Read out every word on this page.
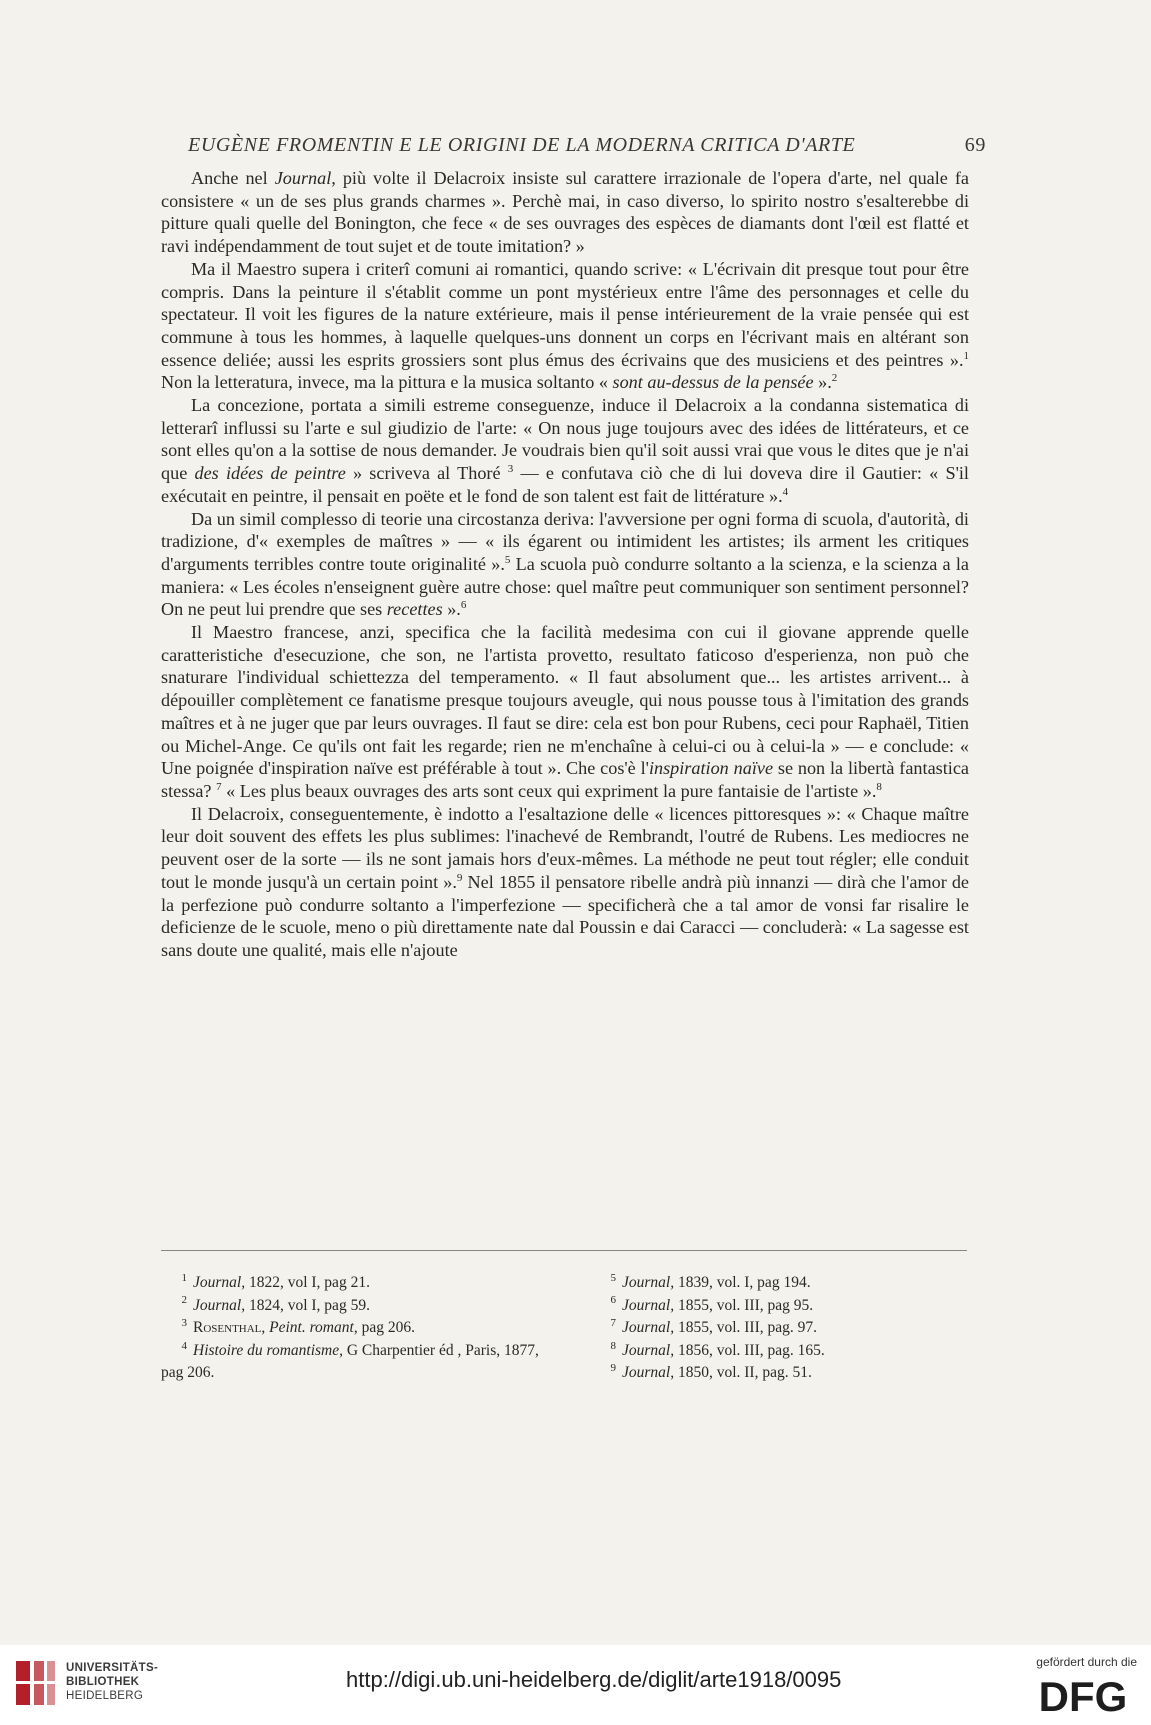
EUGÈNE FROMENTIN E LE ORIGINI DE LA MODERNA CRITICA D'ARTE	69

Anche nel Journal, più volte il Delacroix insiste sul carattere irrazionale de l'opera d'arte, nel quale fa consistere « un de ses plus grands charmes ». Perchè mai, in caso diverso, lo spirito nostro s'esalterebbe di pitture quali quelle del Bonington, che fece « de ses ouvrages des espèces de diamants dont l'œil est flatté et ravi indépendamment de tout sujet et de toute imitation? »

Ma il Maestro supera i criterî comuni ai romantici, quando scrive: « L'écrivain dit presque tout pour être compris. Dans la peinture il s'établit comme un pont mystérieux entre l'âme des personnages et celle du spectateur. Il voit les figures de la nature extérieure, mais il pense intérieurement de la vraie pensée qui est commune à tous les hommes, à laquelle quelques-uns donnent un corps en l'écrivant mais en altérant son essence deliée; aussi les esprits grossiers sont plus émus des écrivains que des musiciens et des peintres ».$^1$ Non la letteratura, invece, ma la pittura e la musica soltanto « sont au-dessus de la pensée ».$^2$

La concezione, portata a simili estreme conseguenze, induce il Delacroix a la condanna sistematica di letterarî influssi su l'arte e sul giudizio de l'arte: « On nous juge toujours avec des idées de littérateurs, et ce sont elles qu'on a la sottise de nous demander. Je voudrais bien qu'il soit aussi vrai que vous le dites que je n'ai que des idées de peintre » scriveva al Thoré $^3$ — e confutava ciò che di lui doveva dire il Gautier: « S'il exécutait en peintre, il pensait en poëte et le fond de son talent est fait de littérature ».$^4$

Da un simil complesso di teorie una circostanza deriva: l'avversione per ogni forma di scuola, d'autorità, di tradizione, d'« exemples de maîtres » — « ils égarent ou intimident les artistes; ils arment les critiques d'arguments terribles contre toute originalité ».$^5$ La scuola può condurre soltanto a la scienza, e la scienza a la maniera: « Les écoles n'enseignent guère autre chose: quel maître peut communiquer son sentiment personnel? On ne peut lui prendre que ses recettes ».$^6$

Il Maestro francese, anzi, specifica che la facilità medesima con cui il giovane apprende quelle caratteristiche d'esecuzione, che son, ne l'artista provetto, resultato faticoso d'esperienza, non può che snaturare l'individual schiettezza del temperamento. « Il faut absolument que... les artistes arrivent... à dépouiller complètement ce fanatisme presque toujours aveugle, qui nous pousse tous à l'imitation des grands maîtres et à ne juger que par leurs ouvrages. Il faut se dire: cela est bon pour Rubens, ceci pour Raphaël, Titien ou Michel-Ange. Ce qu'ils ont fait les regarde; rien ne m'enchaîne à celui-ci ou à celui-la » — e conclude: « Une poignée d'inspiration naïve est préférable à tout ». Che cos'è l'inspiration naïve se non la libertà fantastica stessa? $^7$ « Les plus beaux ouvrages des arts sont ceux qui expriment la pure fantaisie de l'artiste ».$^8$

Il Delacroix, conseguentemente, è indotto a l'esaltazione delle « licences pittoresques »: « Chaque maître leur doit souvent des effets les plus sublimes: l'inachevé de Rembrandt, l'outré de Rubens. Les mediocres ne peuvent oser de la sorte — ils ne sont jamais hors d'eux-mêmes. La méthode ne peut tout régler; elle conduit tout le monde jusqu'à un certain point ».$^9$ Nel 1855 il pensatore ribelle andrà più innanzi — dirà che l'amor de la perfezione può condurre soltanto a l'imperfezione — specificherà che a tal amor de vonsi far risalire le deficienze de le scuole, meno o più direttamente nate dal Poussin e dai Caracci — concluderà: « La sagesse est sans doute une qualité, mais elle n'ajoute

1 Journal, 1822, vol I, pag 21.
2 Journal, 1824, vol I, pag 59.
3 Rosenthal, Peint. romant, pag 206.
4 Histoire du romantisme, G Charpentier éd , Paris, 1877, pag 206.
5 Journal, 1839, vol. I, pag 194.
6 Journal, 1855, vol. III, pag 95.
7 Journal, 1855, vol. III, pag. 97.
8 Journal, 1856, vol. III, pag. 165.
9 Journal, 1850, vol. II, pag. 51.
UNIVERSITÄTS-
BIBLIOTHEK
HEIDELBERG
http://digi.ub.uni-heidelberg.de/diglit/arte1918/0095
gefördert durch die
DFG
